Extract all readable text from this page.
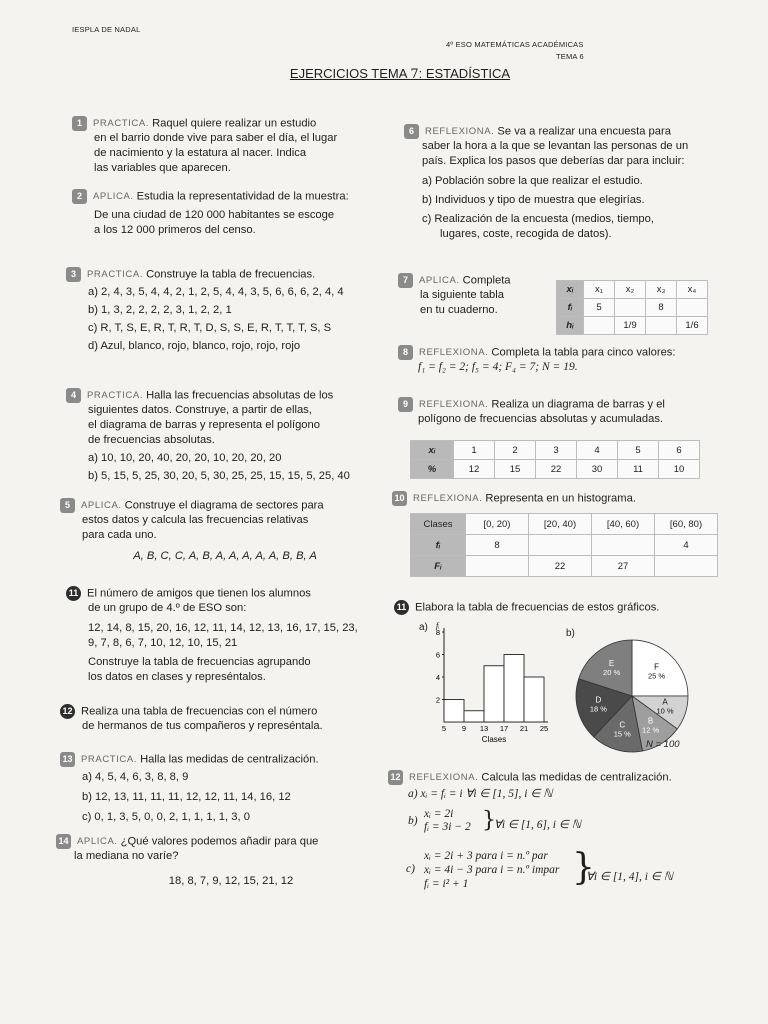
IESPLA DE NADAL
4º ESO MATEMÁTICAS ACADÉMICAS
TEMA 6
EJERCICIOS TEMA 7: ESTADÍSTICA
1 PRACTICA. Raquel quiere realizar un estudio
en el barrio donde vive para saber el día, el lugar
de nacimiento y la estatura al nacer. Indica
las variables que aparecen.
2 APLICA. Estudia la representatividad de la muestra:
De una ciudad de 120 000 habitantes se escoge
a los 12 000 primeros del censo.
3 PRACTICA. Construye la tabla de frecuencias.
a) 2, 4, 3, 5, 4, 4, 2, 1, 2, 5, 4, 4, 3, 5, 6, 6, 6, 2, 4, 4
b) 1, 3, 2, 2, 2, 2, 3, 1, 2, 2, 1
c) R, T, S, E, R, T, R, T, D, S, S, E, R, T, T, T, S, S
d) Azul, blanco, rojo, blanco, rojo, rojo, rojo
4 PRACTICA. Halla las frecuencias absolutas de los
siguientes datos. Construye, a partir de ellas,
el diagrama de barras y representa el polígono
de frecuencias absolutas.
a) 10, 10, 20, 40, 20, 20, 10, 20, 20, 20
b) 5, 15, 5, 25, 30, 20, 5, 30, 25, 25, 15, 15, 5, 25, 40
5 APLICA. Construye el diagrama de sectores para
estos datos y calcula las frecuencias relativas
para cada uno.
A, B, C, C, A, B, A, A, A, A, A, B, B, A
11 El número de amigos que tienen los alumnos
de un grupo de 4.º de ESO son:
12, 14, 8, 15, 20, 16, 12, 11, 14, 12, 13, 16, 17, 15, 23,
9, 7, 8, 6, 7, 10, 12, 10, 15, 21
Construye la tabla de frecuencias agrupando
los datos en clases y represéntalos.
12 Realiza una tabla de frecuencias con el número
de hermanos de tus compañeros y represéntala.
13 PRACTICA. Halla las medidas de centralización.
a) 4, 5, 4, 6, 3, 8, 8, 9
b) 12, 13, 11, 11, 11, 12, 12, 11, 14, 16, 12
c) 0, 1, 3, 5, 0, 0, 2, 1, 1, 1, 1, 3, 0
14 APLICA. ¿Qué valores podemos añadir para que
la mediana no varíe?
18, 8, 7, 9, 12, 15, 21, 12
6 REFLEXIONA. Se va a realizar una encuesta para
saber la hora a la que se levantan las personas de un
país. Explica los pasos que deberías dar para incluir:
a) Población sobre la que realizar el estudio.
b) Individuos y tipo de muestra que elegirías.
c) Realización de la encuesta (medios, tiempo,
lugares, coste, recogida de datos).
7 APLICA. Completa
la siguiente tabla
en tu cuaderno.
xᵢ	x₁	x₂	x₃	x₄
fᵢ	5		8	
hᵢ		1/9		1/6
8 REFLEXIONA. Completa la tabla para cinco valores:
f₁ = f₂ = 2; f₅ = 4; F₄ = 7; N = 19.
9 REFLEXIONA. Realiza un diagrama de barras y el
polígono de frecuencias absolutas y acumuladas.
xᵢ	1	2	3	4	5	6
%	12	15	22	30	11	10
10 REFLEXIONA. Representa en un histograma.
Clases	[0, 20)	[20, 40)	[40, 60)	[60, 80)
fᵢ	8			4
Fᵢ		22	27	
11 Elabora la tabla de frecuencias de estos gráficos.
a)
b)
fᵢ
2
4
6
8
5 9 13 17 21 25
Clases
F
25 %
A
10 %
B
12 %
C
15 %
D
18 %
E
20 %
N = 100
12 REFLEXIONA. Calcula las medidas de centralización.
a) xᵢ = fᵢ = i ∀i ∈ [1, 5], i ∈ ℕ
b)
xᵢ = 2i
fᵢ = 3i − 2 }
∀i ∈ [1, 6], i ∈ ℕ
c)
xᵢ = 2i + 3 para i = n.º par
xᵢ = 4i − 3 para i = n.º impar
fᵢ = i² + 1	}
∀i ∈ [1, 4], i ∈ ℕ
